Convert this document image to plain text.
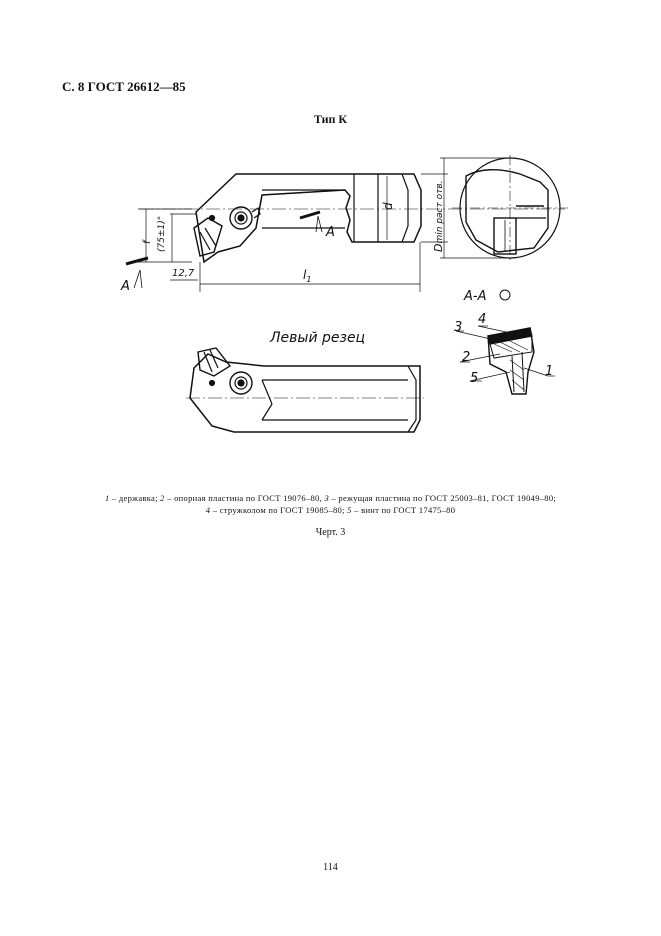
С. 8 ГОСТ 26612—85
Тип К
А
А
f (75±1)°
12,7	$l_1$
d
Dmin раст отв.
А-А
4
3
2
5	1
Левый резец
1 – державка; 2 – опорная пластина по ГОСТ 19076–80, 3 – режущая пластина по ГОСТ 25003–81, ГОСТ 19049–80;
4 – стружколом по ГОСТ 19085–80; 5 – винт по ГОСТ 17475–80
Черт. 3
114
